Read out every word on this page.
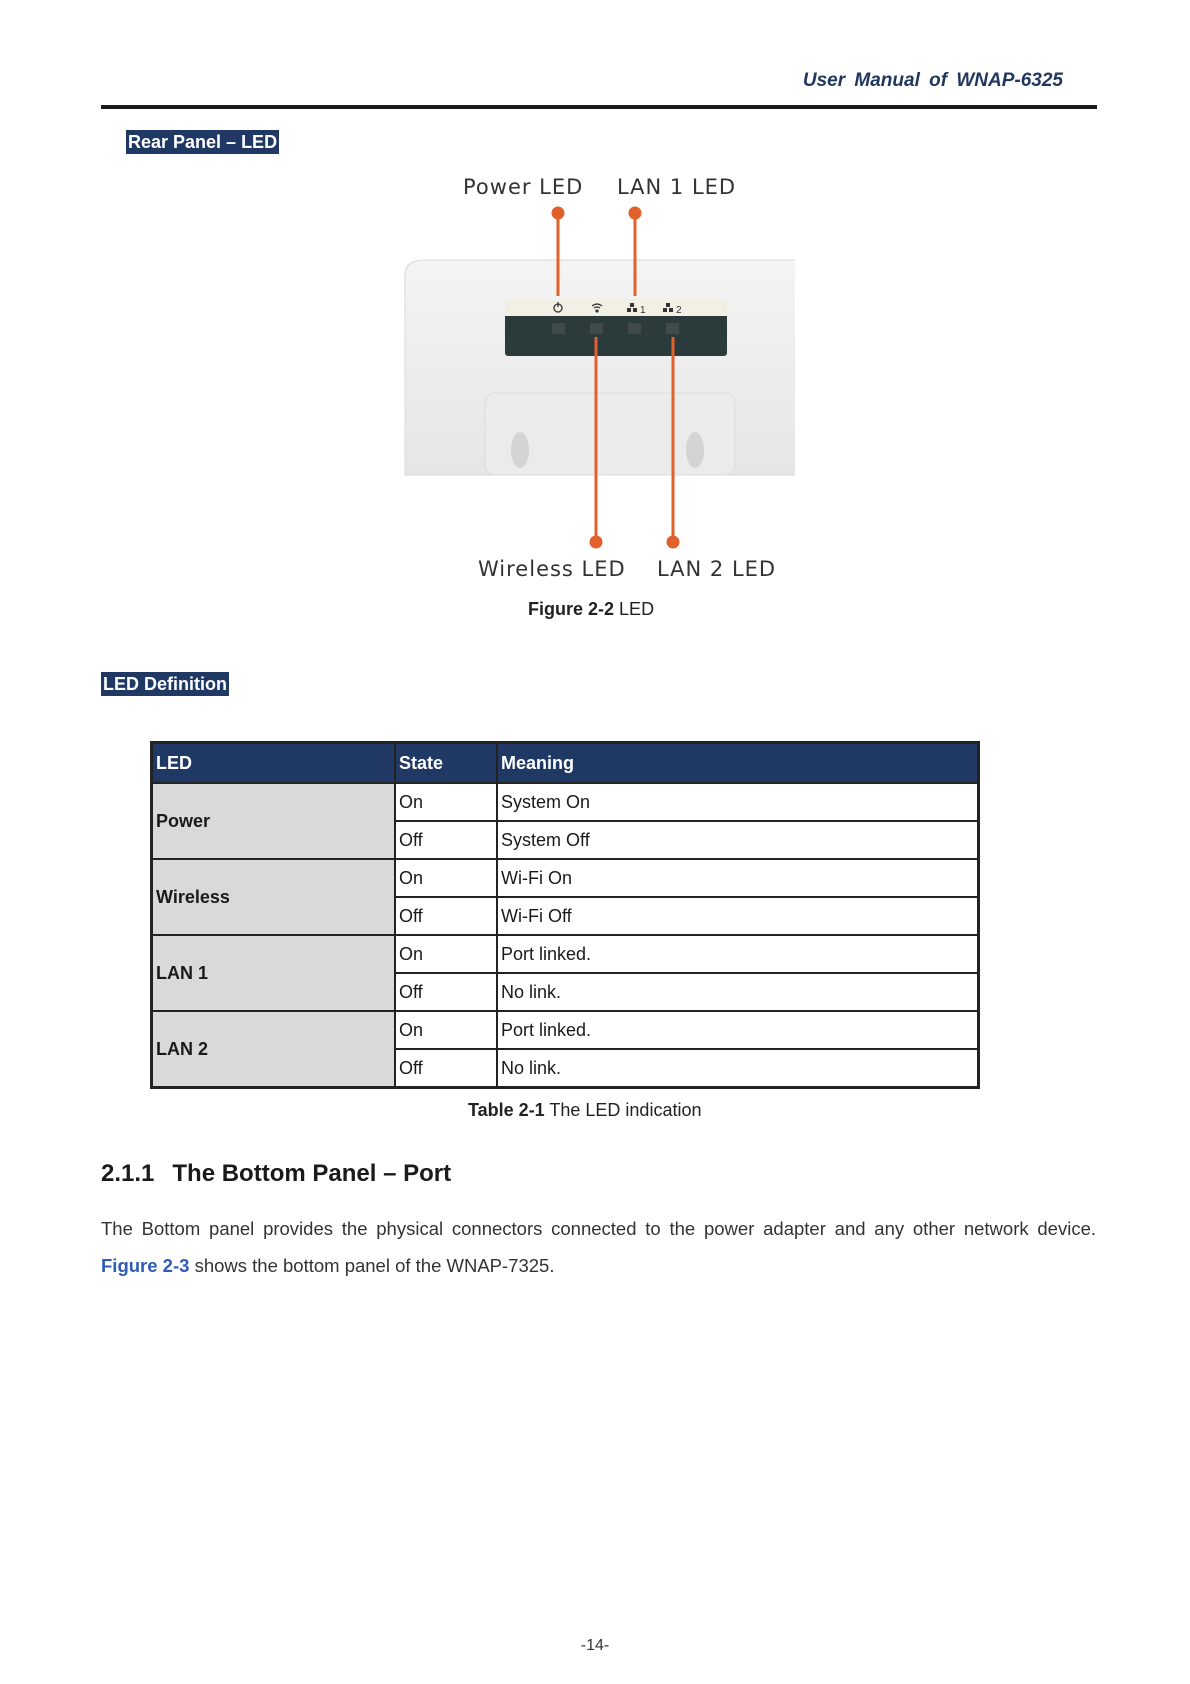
User Manual of WNAP-6325
Rear Panel – LED
1	2
Power LED LAN 1 LED
Wireless LED LAN 2 LED
Figure 2-2 LED
LED Definition
LED	State	Meaning
Power	On	System On
	Off	System Off
Wireless	On	Wi-Fi On
	Off	Wi-Fi Off
LAN 1	On	Port linked.
	Off	No link.
LAN 2	On	Port linked.
	Off	No link.
Table 2-1 The LED indication
2.1.1 The Bottom Panel – Port
The Bottom panel provides the physical connectors connected to the power adapter and any other network device. Figure 2-3 shows the bottom panel of the WNAP-7325.
-14-
